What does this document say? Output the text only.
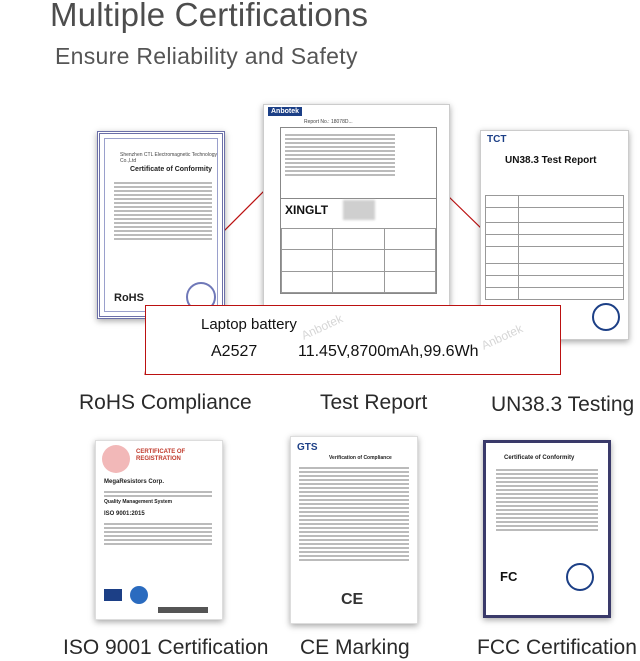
Multiple Certifications
Ensure Reliability and Safety
Shenzhen CTL Electromagnetic Technology Co.,Ltd
Certificate of Conformity
RoHS
Anbotek
Report No.: 18078D...
XINGLT

TCT
UN38.3 Test Report

Laptop battery
A2527	11.45V,8700mAh,99.6Wh
RoHS Compliance	Test Report	UN38.3 Testing
CERTIFICATE OF REGISTRATION
MegaResistors Corp.
Quality Management System
ISO 9001:2015
GTS
Verification of Compliance
CE
Certificate of Conformity
FC
ISO 9001 Certification CE Marking	FCC Certification
Anbotek	Anbotek
